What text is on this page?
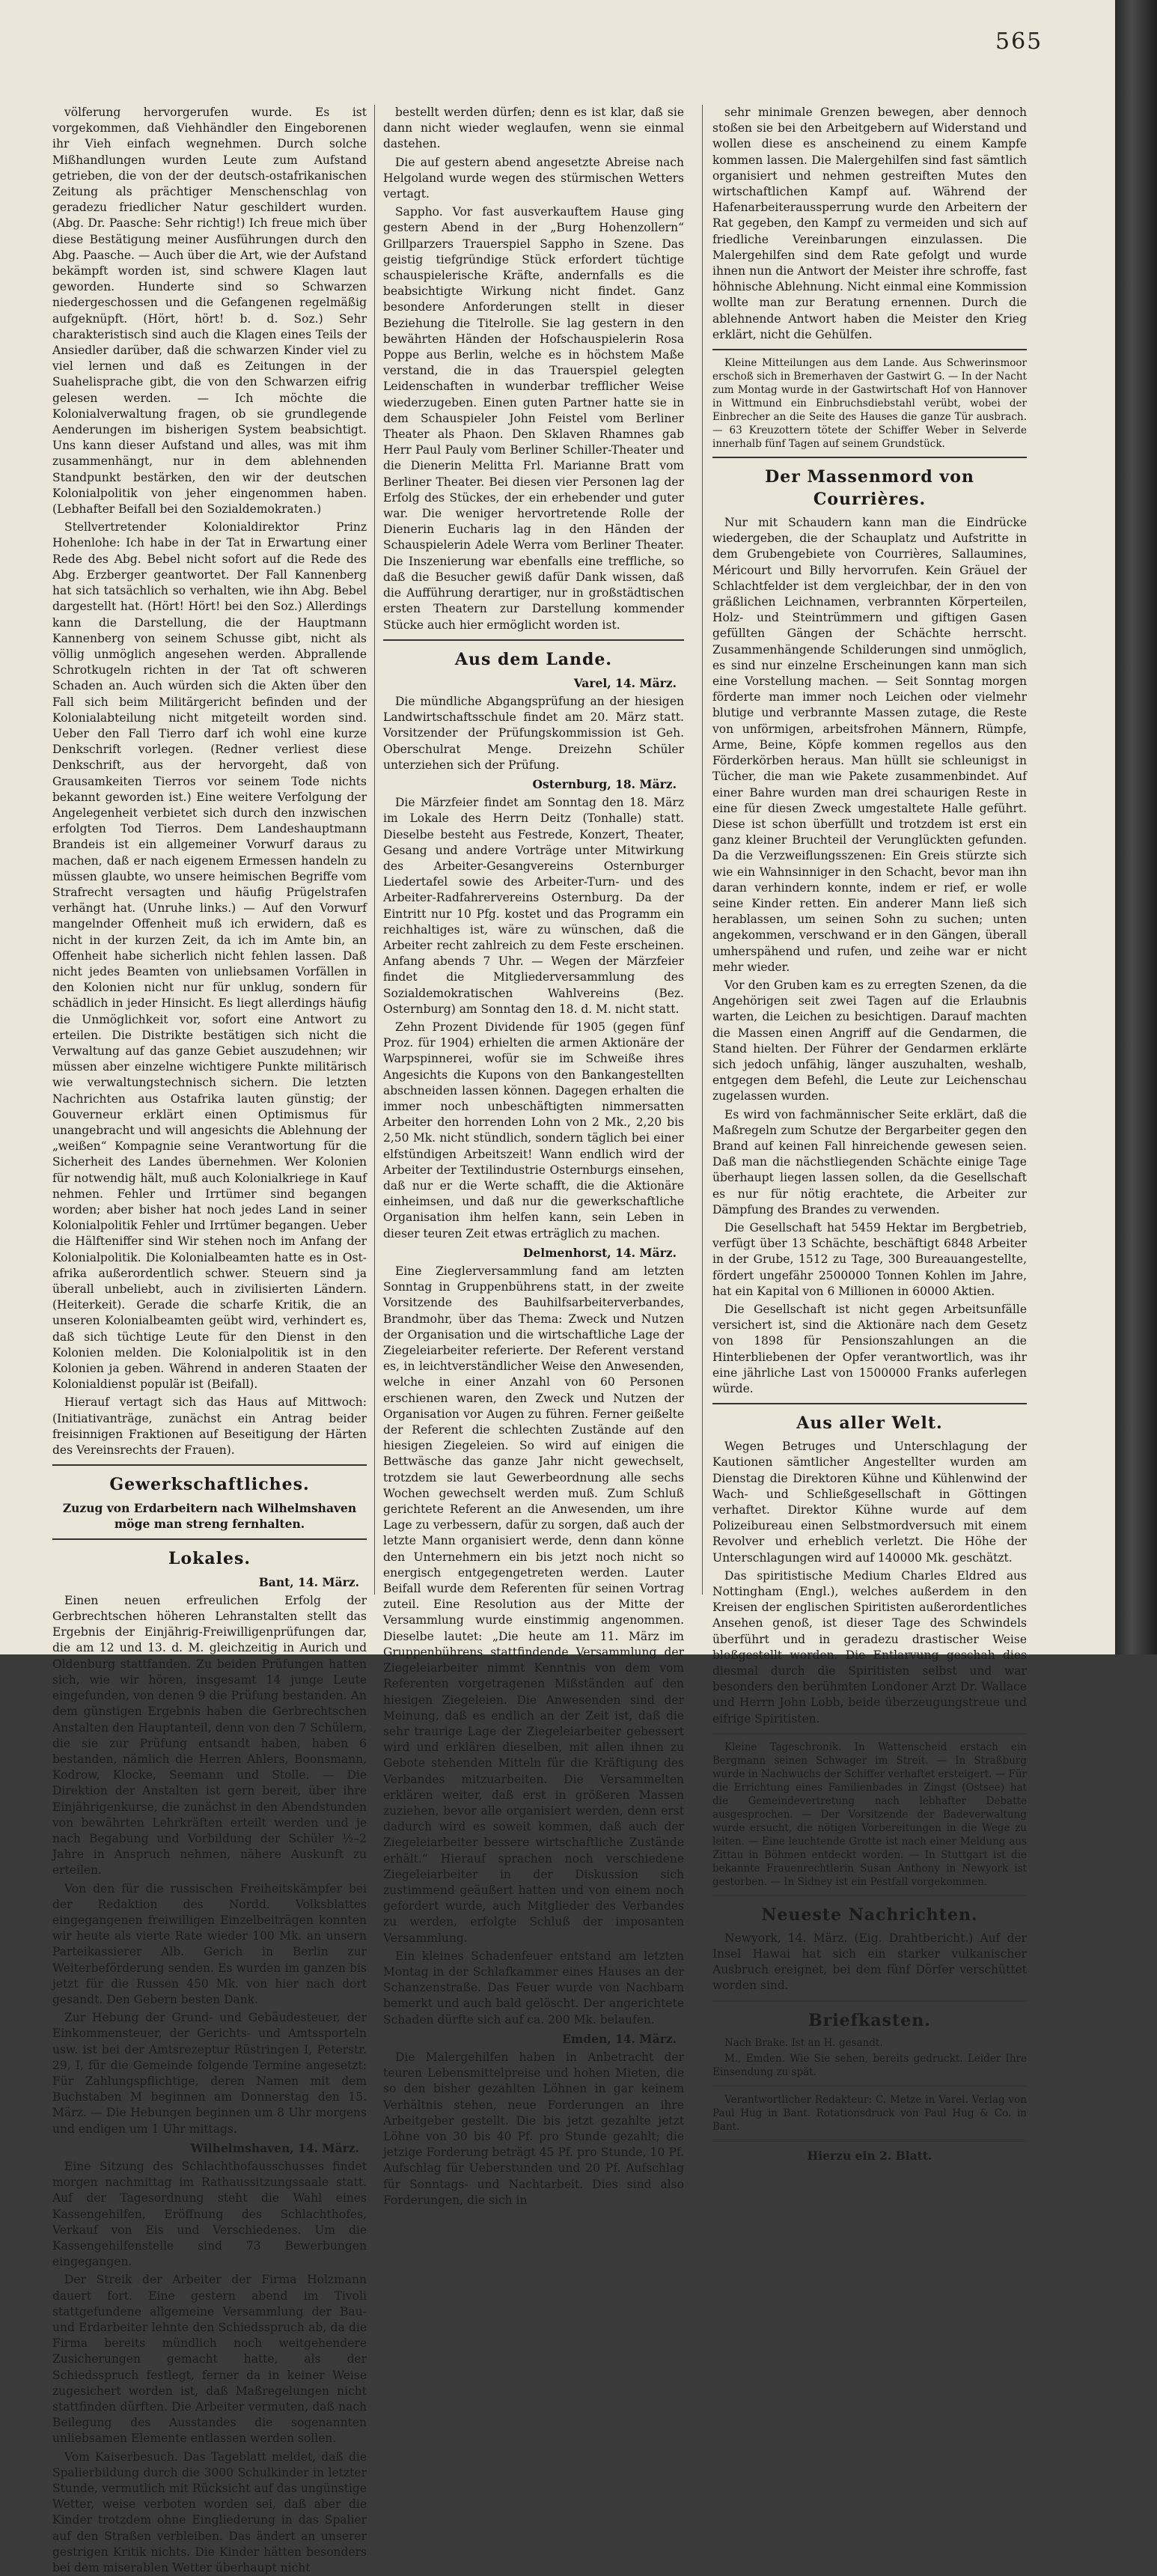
565

völferung hervorgerufen wurde. Es ist vorgekommen, daß Viehhändler den Eingeborenen ihr Vieh einfach wegnehmen. Durch solche Mißhandlungen wurden Leute zum Aufstand getrieben, die von der der deutsch-ostafrikanischen Zeitung als prächtiger Menschenschlag von geradezu friedlicher Natur geschildert wurden. (Abg. Dr. Paasche: Sehr richtig!) Ich freue mich über diese Bestätigung meiner Ausführungen durch den Abg. Paasche. — Auch über die Art, wie der Aufstand bekämpft worden ist, sind schwere Klagen laut geworden. Hunderte sind so Schwarzen niedergeschossen und die Gefangenen regelmäßig aufgeknüpft. (Hört, hört! b. d. Soz.) Sehr charakteristisch sind auch die Klagen eines Teils der Ansiedler darüber, daß die schwarzen Kinder viel zu viel lernen und daß es Zeitungen in der Suahelisprache gibt, die von den Schwarzen eifrig gelesen werden. — Ich möchte die Kolonialverwaltung fragen, ob sie grundlegende Aenderungen im bisherigen System beabsichtigt. Uns kann dieser Aufstand und alles, was mit ihm zusammenhängt, nur in dem ablehnenden Standpunkt bestärken, den wir der deutschen Kolonialpolitik von jeher eingenommen haben. (Lebhafter Beifall bei den Sozialdemokraten.)

Stellvertretender Kolonialdirektor Prinz Hohenlohe: Ich habe in der Tat in Erwartung einer Rede des Abg. Bebel nicht sofort auf die Rede des Abg. Erzberger geantwortet. Der Fall Kannenberg hat sich tatsächlich so verhalten, wie ihn Abg. Bebel dargestellt hat. (Hört! Hört! bei den Soz.) Allerdings kann die Darstellung, die der Hauptmann Kannenberg von seinem Schusse gibt, nicht als völlig unmöglich angesehen werden. Abprallende Schrotkugeln richten in der Tat oft schweren Schaden an. Auch würden sich die Akten über den Fall sich beim Militärgericht befinden und der Kolonialabteilung nicht mitgeteilt worden sind. Ueber den Fall Tierro darf ich wohl eine kurze Denkschrift vorlegen. (Redner verliest diese Denkschrift, aus der hervorgeht, daß von Grausamkeiten Tierros vor seinem Tode nichts bekannt geworden ist.) Eine weitere Verfolgung der Angelegenheit verbietet sich durch den inzwischen erfolgten Tod Tierros. Dem Landeshauptmann Brandeis ist ein allgemeiner Vorwurf daraus zu machen, daß er nach eigenem Ermessen handeln zu müssen glaubte, wo unsere heimischen Begriffe vom Strafrecht versagten und häufig Prügelstrafen verhängt hat. (Unruhe links.) — Auf den Vorwurf mangelnder Offenheit muß ich erwidern, daß es nicht in der kurzen Zeit, da ich im Amte bin, an Offenheit habe sicherlich nicht fehlen lassen. Daß nicht jedes Beamten von unliebsamen Vorfällen in den Kolonien nicht nur für unklug, sondern für schädlich in jeder Hinsicht. Es liegt allerdings häufig die Unmöglichkeit vor, sofort eine Antwort zu erteilen. Die Distrikte bestätigen sich nicht die Verwaltung auf das ganze Gebiet auszudehnen; wir müssen aber einzelne wichtigere Punkte militärisch wie verwaltungstechnisch sichern. Die letzten Nachrichten aus Ostafrika lauten günstig; der Gouverneur erklärt einen Optimismus für unangebracht und will angesichts die Ablehnung der „weißen“ Kompagnie seine Verantwortung für die Sicherheit des Landes übernehmen. Wer Kolonien für notwendig hält, muß auch Kolonialkriege in Kauf nehmen. Fehler und Irrtümer sind begangen worden; aber bisher hat noch jedes Land in seiner Kolonialpolitik Fehler und Irrtümer begangen. Ueber die Hälfteniffer sind Wir stehen noch im Anfang der Kolonialpolitik. Die Kolonialbeamten hatte es in Ost-afrika außerordentlich schwer. Steuern sind ja überall unbeliebt, auch in zivilisierten Ländern. (Heiterkeit). Gerade die scharfe Kritik, die an unseren Kolonialbeamten geübt wird, verhindert es, daß sich tüchtige Leute für den Dienst in den Kolonien melden. Die Kolonialpolitik ist in den Kolonien ja geben. Während in anderen Staaten der Kolonialdienst populär ist (Beifall).

Hierauf vertagt sich das Haus auf Mittwoch: (Initiativanträge, zunächst ein Antrag beider freisinnigen Fraktionen auf Beseitigung der Härten des Vereinsrechts der Frauen).

Gewerkschaftliches.
Zuzug von Erdarbeitern nach Wilhelmshaven möge man streng fernhalten.
Lokales.
Bant, 14. März.

Einen neuen erfreulichen Erfolg der Gerbrechtschen höheren Lehranstalten stellt das Ergebnis der Einjährig-Freiwilligenprüfungen dar, die am 12 und 13. d. M. gleichzeitig in Aurich und Oldenburg stattfanden. Zu beiden Prüfungen hatten sich, wie wir hören, insgesamt 14 junge Leute eingefunden, von denen 9 die Prüfung bestanden. An dem günstigen Ergebnis haben die Gerbrechtschen Anstalten den Hauptanteil, denn von den 7 Schülern, die sie zur Prüfung entsandt haben, haben 6 bestanden, nämlich die Herren Ahlers, Boonsmann, Kodrow, Klocke, Seemann und Stolle. — Die Direktion der Anstalten ist gern bereit, über ihre Einjährigenkurse, die zunächst in den Abendstunden von bewährten Lehrkräften erteilt werden und je nach Begabung und Vorbildung der Schüler ½–2 Jahre in Anspruch nehmen, nähere Auskunft zu erteilen.

Von den für die russischen Freiheitskämpfer bei der Redaktion des Nordd. Volksblattes eingegangenen freiwilligen Einzelbeiträgen konnten wir heute als vierte Rate wieder 100 Mk. an unsern Parteikassierer Alb. Gerich in Berlin zur Weiterbeförderung senden. Es wurden im ganzen bis jetzt für die Russen 450 Mk. von hier nach dort gesandt. Den Gebern besten Dank.

Zur Hebung der Grund- und Gebäudesteuer, der Einkommensteuer, der Gerichts- und Amtssporteln usw. ist bei der Amtsrezeptur Rüstringen I, Peterstr. 29, I, für die Gemeinde folgende Termine angesetzt: Für Zahlungspflichtige, deren Namen mit dem Buchstaben M beginnen am Donnerstag den 15. März. — Die Hebungen beginnen um 8 Uhr morgens und endigen um 1 Uhr mittags.

Wilhelmshaven, 14. März.

Eine Sitzung des Schlachthofausschusses findet morgen nachmittag im Rathaussitzungssaale statt. Auf der Tagesordnung steht die Wahl eines Kassengehilfen, Eröffnung des Schlachthofes, Verkauf von Eis und Verschiedenes. Um die Kassengehilfenstelle sind 73 Bewerbungen eingegangen.

Der Streik der Arbeiter der Firma Holzmann dauert fort. Eine gestern abend im Tivoli stattgefundene allgemeine Versammlung der Bau- und Erdarbeiter lehnte den Schiedsspruch ab, da die Firma bereits mündlich noch weitgehendere Zusicherungen gemacht hatte, als der Schiedsspruch festlegt, ferner da in keiner Weise zugesichert worden ist, daß Maßregelungen nicht stattfinden dürften. Die Arbeiter vermuten, daß nach Beilegung des Ausstandes die sogenannten unliebsamen Elemente entlassen werden sollen.

Vom Kaiserbesuch. Das Tageblatt meldet, daß die Spalierbildung durch die 3000 Schulkinder in letzter Stunde, vermutlich mit Rücksicht auf das ungünstige Wetter, weise verboten worden sei, daß aber die Kinder trotzdem ohne Eingliederung in das Spalier auf den Straßen verbleiben. Das ändert an unserer gestrigen Kritik nichts. Die Kinder hätten besonders bei dem miserablen Wetter überhaupt nicht

bestellt werden dürfen; denn es ist klar, daß sie dann nicht wieder weglaufen, wenn sie einmal dastehen.

Die auf gestern abend angesetzte Abreise nach Helgoland wurde wegen des stürmischen Wetters vertagt.

Sappho. Vor fast ausverkauftem Hause ging gestern Abend in der „Burg Hohenzollern“ Grillparzers Trauerspiel Sappho in Szene. Das geistig tiefgründige Stück erfordert tüchtige schauspielerische Kräfte, andernfalls es die beabsichtigte Wirkung nicht findet. Ganz besondere Anforderungen stellt in dieser Beziehung die Titelrolle. Sie lag gestern in den bewährten Händen der Hofschauspielerin Rosa Poppe aus Berlin, welche es in höchstem Maße verstand, die in das Trauerspiel gelegten Leidenschaften in wunderbar trefflicher Weise wiederzugeben. Einen guten Partner hatte sie in dem Schauspieler John Feistel vom Berliner Theater als Phaon. Den Sklaven Rhamnes gab Herr Paul Pauly vom Berliner Schiller-Theater und die Dienerin Melitta Frl. Marianne Bratt vom Berliner Theater. Bei diesen vier Personen lag der Erfolg des Stückes, der ein erhebender und guter war. Die weniger hervortretende Rolle der Dienerin Eucharis lag in den Händen der Schauspielerin Adele Werra vom Berliner Theater. Die Inszenierung war ebenfalls eine treffliche, so daß die Besucher gewiß dafür Dank wissen, daß die Aufführung derartiger, nur in großstädtischen ersten Theatern zur Darstellung kommender Stücke auch hier ermöglicht worden ist.

Aus dem Lande.
Varel, 14. März.

Die mündliche Abgangsprüfung an der hiesigen Landwirtschaftsschule findet am 20. März statt. Vorsitzender der Prüfungskommission ist Geh. Oberschulrat Menge. Dreizehn Schüler unterziehen sich der Prüfung.

Osternburg, 18. März.

Die Märzfeier findet am Sonntag den 18. März im Lokale des Herrn Deitz (Tonhalle) statt. Dieselbe besteht aus Festrede, Konzert, Theater, Gesang und andere Vorträge unter Mitwirkung des Arbeiter-Gesangvereins Osternburger Liedertafel sowie des Arbeiter-Turn- und des Arbeiter-Radfahrervereins Osternburg. Da der Eintritt nur 10 Pfg. kostet und das Programm ein reichhaltiges ist, wäre zu wünschen, daß die Arbeiter recht zahlreich zu dem Feste erscheinen. Anfang abends 7 Uhr. — Wegen der Märzfeier findet die Mitgliederversammlung des Sozialdemokratischen Wahlvereins (Bez. Osternburg) am Sonntag den 18. d. M. nicht statt.

Zehn Prozent Dividende für 1905 (gegen fünf Proz. für 1904) erhielten die armen Aktionäre der Warpspinnerei, wofür sie im Schweiße ihres Angesichts die Kupons von den Bankangestellten abschneiden lassen können. Dagegen erhalten die immer noch unbeschäftigten nimmersatten Arbeiter den horrenden Lohn von 2 Mk., 2,20 bis 2,50 Mk. nicht stündlich, sondern täglich bei einer elfstündigen Arbeitszeit! Wann endlich wird der Arbeiter der Textilindustrie Osternburgs einsehen, daß nur er die Werte schafft, die die Aktionäre einheimsen, und daß nur die gewerkschaftliche Organisation ihm helfen kann, sein Leben in dieser teuren Zeit etwas erträglich zu machen.

Delmenhorst, 14. März.

Eine Zieglerversammlung fand am letzten Sonntag in Gruppenbührens statt, in der zweite Vorsitzende des Bauhilfsarbeiterverbandes, Brandmohr, über das Thema: Zweck und Nutzen der Organisation und die wirtschaftliche Lage der Ziegeleiarbeiter referierte. Der Referent verstand es, in leichtverständlicher Weise den Anwesenden, welche in einer Anzahl von 60 Personen erschienen waren, den Zweck und Nutzen der Organisation vor Augen zu führen. Ferner geißelte der Referent die schlechten Zustände auf den hiesigen Ziegeleien. So wird auf einigen die Bettwäsche das ganze Jahr nicht gewechselt, trotzdem sie laut Gewerbeordnung alle sechs Wochen gewechselt werden muß. Zum Schluß gerichtete Referent an die Anwesenden, um ihre Lage zu verbessern, dafür zu sorgen, daß auch der letzte Mann organisiert werde, denn dann könne den Unternehmern ein bis jetzt noch nicht so energisch entgegengetreten werden. Lauter Beifall wurde dem Referenten für seinen Vortrag zuteil. Eine Resolution aus der Mitte der Versammlung wurde einstimmig angenommen. Dieselbe lautet: „Die heute am 11. März im Gruppenbührens stattfindende Versammlung der Ziegeleiarbeiter nimmt Kenntnis von dem vom Referenten vorgetragenen Mißständen auf den hiesigen Ziegeleien. Die Anwesenden sind der Meinung, daß es endlich an der Zeit ist, daß die sehr traurige Lage der Ziegeleiarbeiter gebessert wird und erklären dieselben, mit allen ihnen zu Gebote stehenden Mitteln für die Kräftigung des Verbandes mitzuarbeiten. Die Versammelten erklären weiter, daß erst in größeren Massen zuziehen, bevor alle organisiert werden, denn erst dadurch wird es soweit kommen, daß auch der Ziegeleiarbeiter bessere wirtschaftliche Zustände erhält.“ Hierauf sprachen noch verschiedene Ziegeleiarbeiter in der Diskussion sich zustimmend geäußert hatten und von einem noch gefordert wurde, auch Mitglieder des Verbandes zu werden, erfolgte Schluß der imposanten Versammlung.

Ein kleines Schadenfeuer entstand am letzten Montag in der Schlafkammer eines Hauses an der Schanzenstraße. Das Feuer wurde von Nachbarn bemerkt und auch bald gelöscht. Der angerichtete Schaden dürfte sich auf ca. 200 Mk. belaufen.

Emden, 14. März.

Die Malergehilfen haben in Anbetracht der teuren Lebensmittelpreise und hohen Mieten, die so den bisher gezahlten Löhnen in gar keinem Verhältnis stehen, neue Forderungen an ihre Arbeitgeber gestellt. Die bis jetzt gezahlte jetzt Löhne von 30 bis 40 Pf. pro Stunde gezahlt; die jetzige Forderung beträgt 45 Pf. pro Stunde, 10 Pf. Aufschlag für Ueberstunden und 20 Pf. Aufschlag für Sonntags- und Nachtarbeit. Dies sind also Forderungen, die sich in

sehr minimale Grenzen bewegen, aber dennoch stoßen sie bei den Arbeitgebern auf Widerstand und wollen diese es anscheinend zu einem Kampfe kommen lassen. Die Malergehilfen sind fast sämtlich organisiert und nehmen gestreiften Mutes den wirtschaftlichen Kampf auf. Während der Hafenarbeiteraussperrung wurde den Arbeitern der Rat gegeben, den Kampf zu vermeiden und sich auf friedliche Vereinbarungen einzulassen. Die Malergehilfen sind dem Rate gefolgt und wurde ihnen nun die Antwort der Meister ihre schroffe, fast höhnische Ablehnung. Nicht einmal eine Kommission wollte man zur Beratung ernennen. Durch die ablehnende Antwort haben die Meister den Krieg erklärt, nicht die Gehülfen.

Kleine Mitteilungen aus dem Lande. Aus Schwerinsmoor erschoß sich in Bremerhaven der Gastwirt G. — In der Nacht zum Montag wurde in der Gastwirtschaft Hof von Hannover in Wittmund ein Einbruchsdiebstahl verübt, wobei der Einbrecher an die Seite des Hauses die ganze Tür ausbrach. — 63 Kreuzottern tötete der Schiffer Weber in Selverde innerhalb fünf Tagen auf seinem Grundstück.

Der Massenmord von Courrières.

Nur mit Schaudern kann man die Eindrücke wiedergeben, die der Schauplatz und Aufstritte in dem Grubengebiete von Courrières, Sallaumines, Méricourt und Billy hervorrufen. Kein Gräuel der Schlachtfelder ist dem vergleichbar, der in den von gräßlichen Leichnamen, verbrannten Körperteilen, Holz- und Steintrümmern und giftigen Gasen gefüllten Gängen der Schächte herrscht. Zusammenhängende Schilderungen sind unmöglich, es sind nur einzelne Erscheinungen kann man sich eine Vorstellung machen. — Seit Sonntag morgen förderte man immer noch Leichen oder vielmehr blutige und verbrannte Massen zutage, die Reste von unförmigen, arbeitsfrohen Männern, Rümpfe, Arme, Beine, Köpfe kommen regellos aus den Förderkörben heraus. Man hüllt sie schleunigst in Tücher, die man wie Pakete zusammenbindet. Auf einer Bahre wurden man drei schaurigen Reste in eine für diesen Zweck umgestaltete Halle geführt. Diese ist schon überfüllt und trotzdem ist erst ein ganz kleiner Bruchteil der Verunglückten gefunden. Da die Verzweiflungsszenen: Ein Greis stürzte sich wie ein Wahnsinniger in den Schacht, bevor man ihn daran verhindern konnte, indem er rief, er wolle seine Kinder retten. Ein anderer Mann ließ sich herablassen, um seinen Sohn zu suchen; unten angekommen, verschwand er in den Gängen, überall umherspähend und rufen, und zeihe war er nicht mehr wieder.

Vor den Gruben kam es zu erregten Szenen, da die Angehörigen seit zwei Tagen auf die Erlaubnis warten, die Leichen zu besichtigen. Darauf machten die Massen einen Angriff auf die Gendarmen, die Stand hielten. Der Führer der Gendarmen erklärte sich jedoch unfähig, länger auszuhalten, weshalb, entgegen dem Befehl, die Leute zur Leichenschau zugelassen wurden.

Es wird von fachmännischer Seite erklärt, daß die Maßregeln zum Schutze der Bergarbeiter gegen den Brand auf keinen Fall hinreichende gewesen seien. Daß man die nächstliegenden Schächte einige Tage überhaupt liegen lassen sollen, da die Gesellschaft es nur für nötig erachtete, die Arbeiter zur Dämpfung des Brandes zu verwenden.

Die Gesellschaft hat 5459 Hektar im Bergbetrieb, verfügt über 13 Schächte, beschäftigt 6848 Arbeiter in der Grube, 1512 zu Tage, 300 Bureauangestellte, fördert ungefähr 2500000 Tonnen Kohlen im Jahre, hat ein Kapital von 6 Millionen in 60000 Aktien.

Die Gesellschaft ist nicht gegen Arbeitsunfälle versichert ist, sind die Aktionäre nach dem Gesetz von 1898 für Pensionszahlungen an die Hinterbliebenen der Opfer verantwortlich, was ihr eine jährliche Last von 1500000 Franks auferlegen würde.

Aus aller Welt.

Wegen Betruges und Unterschlagung der Kautionen sämtlicher Angestellter wurden am Dienstag die Direktoren Kühne und Kühlenwind der Wach- und Schließgesellschaft in Göttingen verhaftet. Direktor Kühne wurde auf dem Polizeibureau einen Selbstmordversuch mit einem Revolver und erheblich verletzt. Die Höhe der Unterschlagungen wird auf 140000 Mk. geschätzt.

Das spiritistische Medium Charles Eldred aus Nottingham (Engl.), welches außerdem in den Kreisen der englischen Spiritisten außerordentliches Ansehen genoß, ist dieser Tage des Schwindels überführt und in geradezu drastischer Weise bloßgestellt worden. Die Entlarvung geschah dies diesmal durch die Spiritisten selbst und war besonders den berühmten Londoner Arzt Dr. Wallace und Herrn John Lobb, beide überzeugungstreue und eifrige Spiritisten.

Kleine Tageschronik. In Wattenscheid erstach ein Bergmann seinen Schwager im Streit. — In Straßburg wurde in Nachwuchs der Schiffer verhaftet ersteigert. — Für die Errichtung eines Familienbades in Zingst (Ostsee) hat die Gemeindevertretung nach lebhafter Debatte ausgesprochen. — Der Vorsitzende der Badeverwaltung wurde ersucht, die nötigen Vorbereitungen in die Wege zu leiten. — Eine leuchtende Grotte ist nach einer Meldung aus Zittau in Böhmen entdeckt worden. — In Stuttgart ist die bekannte Frauenrechtlerin Susan Anthony in Newyork ist gestorben. — In Sidney ist ein Pestfall vorgekommen.

Neueste Nachrichten.

Newyork, 14. März. (Eig. Drahtbericht.) Auf der Insel Hawai hat sich ein starker vulkanischer Ausbruch ereignet, bei dem fünf Dörfer verschüttet worden sind.

Briefkasten.

Nach Brake. Ist an H. gesandt.

M., Emden. Wie Sie sehen, bereits gedruckt. Leider Ihre Einsendung zu spät.

Verantwortlicher Redakteur: C. Metze in Varel. Verlag von Paul Hug in Bant. Rotationsdruck von Paul Hug & Co. in Bant.

Hierzu ein 2. Blatt.
